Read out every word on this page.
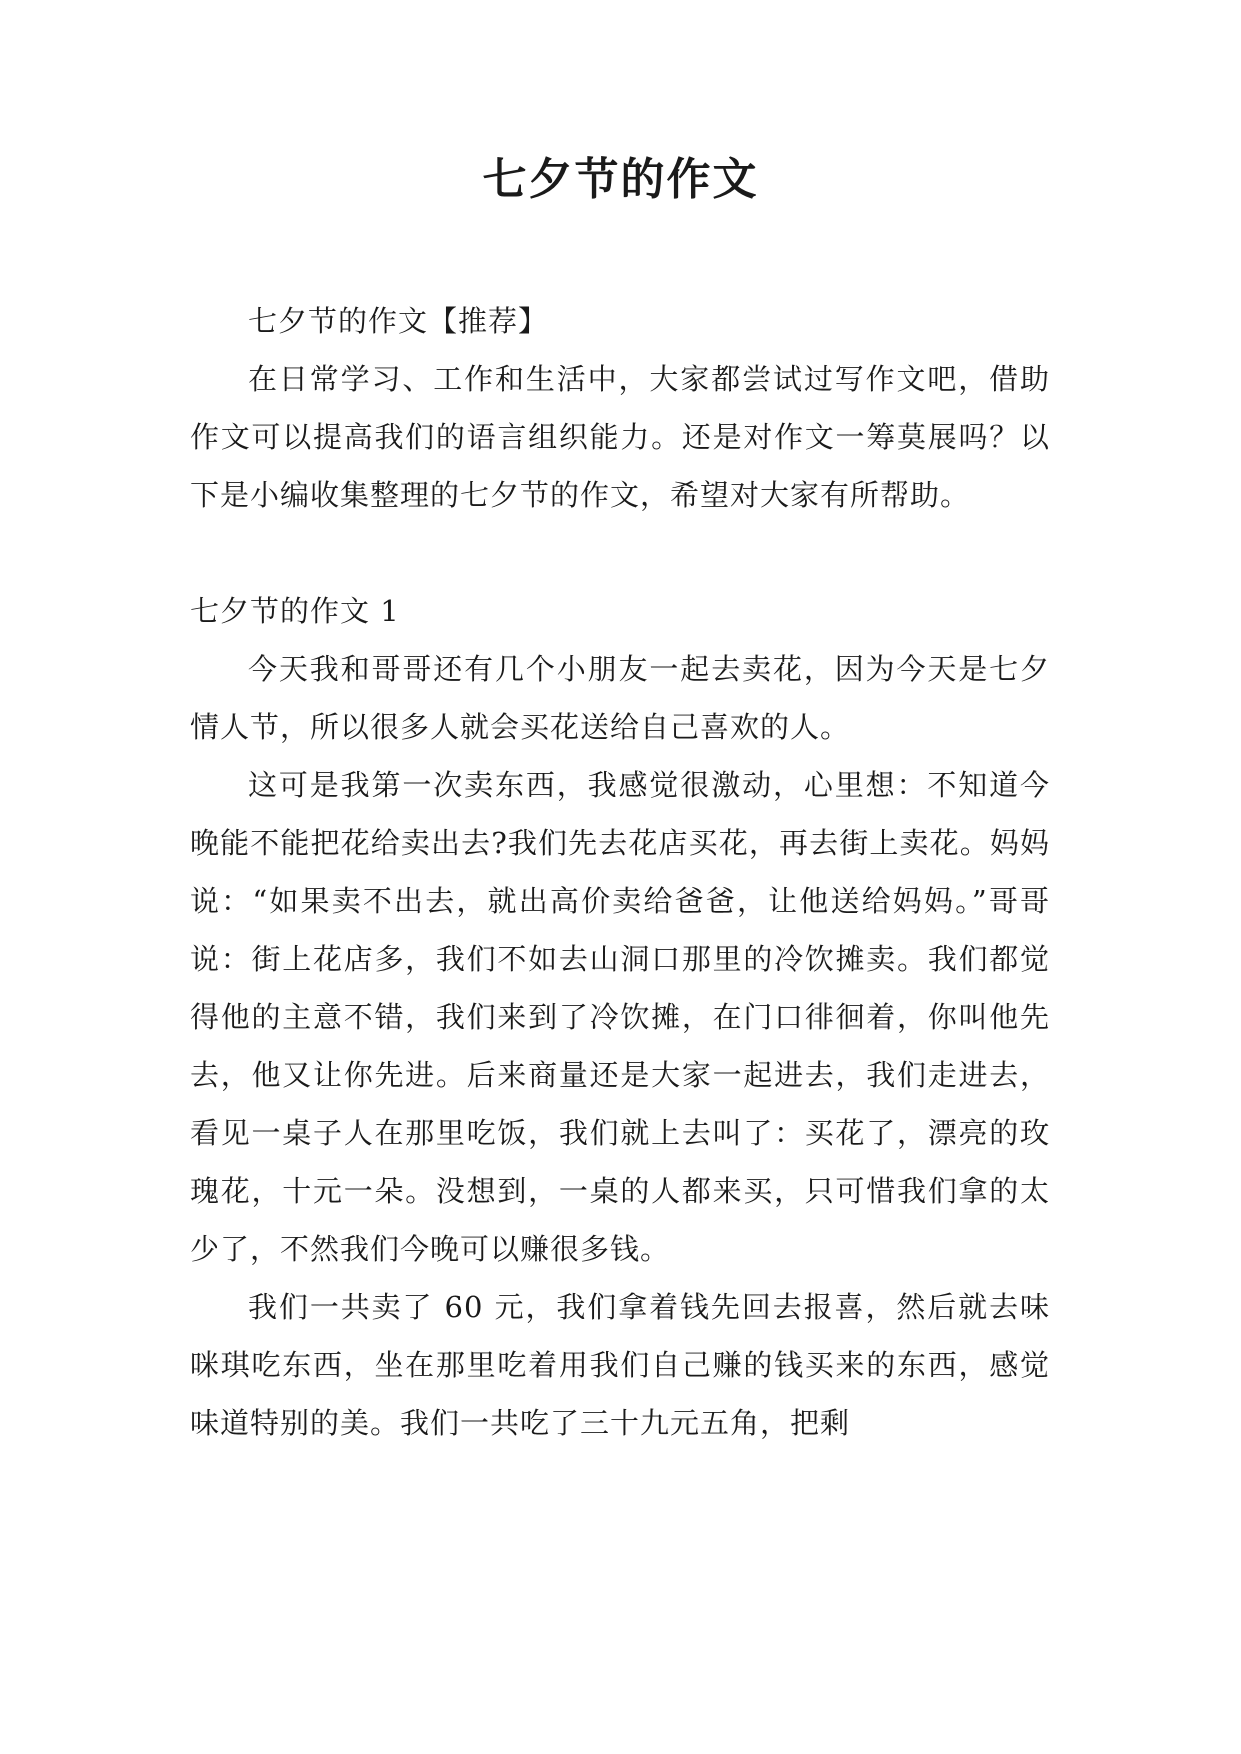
七夕节的作文

七夕节的作文【推荐】

在日常学习、工作和生活中，大家都尝试过写作文吧，借助作文可以提高我们的语言组织能力。还是对作文一筹莫展吗？以下是小编收集整理的七夕节的作文，希望对大家有所帮助。

七夕节的作文 1

今天我和哥哥还有几个小朋友一起去卖花，因为今天是七夕情人节，所以很多人就会买花送给自己喜欢的人。

这可是我第一次卖东西，我感觉很激动，心里想：不知道今晚能不能把花给卖出去?我们先去花店买花，再去街上卖花。妈妈说：“如果卖不出去，就出高价卖给爸爸，让他送给妈妈。”哥哥说：街上花店多，我们不如去山洞口那里的冷饮摊卖。我们都觉得他的主意不错，我们来到了冷饮摊，在门口徘徊着，你叫他先去，他又让你先进。后来商量还是大家一起进去，我们走进去，看见一桌子人在那里吃饭，我们就上去叫了：买花了，漂亮的玫瑰花，十元一朵。没想到，一桌的人都来买，只可惜我们拿的太少了，不然我们今晚可以赚很多钱。

我们一共卖了 60 元，我们拿着钱先回去报喜，然后就去味咪琪吃东西，坐在那里吃着用我们自己赚的钱买来的东西，感觉味道特别的美。我们一共吃了三十九元五角，把剩
